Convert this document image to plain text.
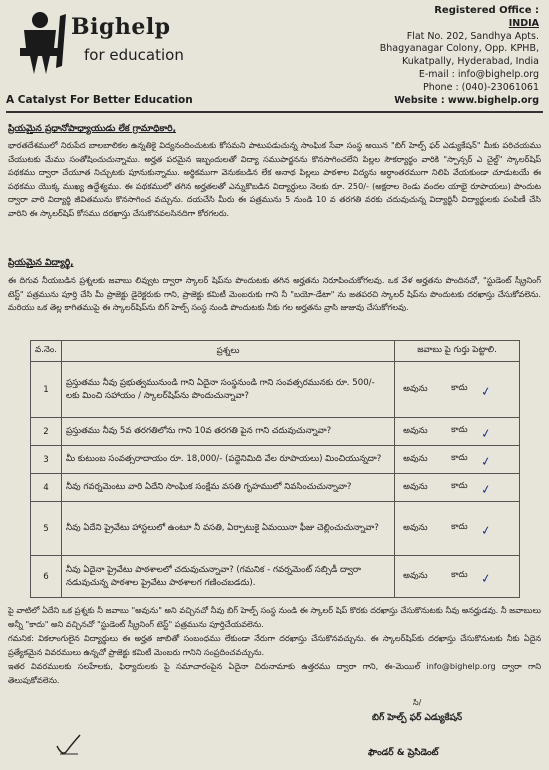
Bighelp
for education
A Catalyst For Better Education
Registered Office :
INDIA
Flat No. 202, Sandhya Apts.
Bhagyanagar Colony, Opp. KPHB,
Kukatpally, Hyderabad, India
E-mail : info@bighelp.org
Phone : (040)-23061061
Website : www.bighelp.org
ప్రియమైన ప్రధానోపాధ్యాయుడు లేక గ్రామాధికారి,
భారతదేశములో నిరుపేద బాలబాలికల ఉన్నతికై విద్యనందించుటకు కోసమని పాటుపడుచున్న సాంఘిక సేవా సంస్థ అయిన "బిగ్ హెల్ప్ ఫర్ ఎడ్యుకేషన్" మీకు పరిచయము చేయుటకు మేము సంతోషించుచున్నాము. అర్హత పరమైన ఇబ్బందులతో విద్యా సముపార్జనను కొనసాగించలేని పిల్లల సౌకర్యార్థం వారికి "స్పాన్సర్ ఎ చైల్డ్" స్కాలర్‌షిప్ పథకము ద్వారా చేయూత నిచ్చుటకు పూనుకున్నాము. అర్థికముగా వెనుకబడిన లేక అనాథ పిల్లలు పాఠశాల విద్యను అర్ధాంతరముగా నిలిపి వేయకుండా చూడుటయే ఈ పథకము యొక్క ముఖ్య ఉద్దేశ్యము. ఈ పథకములో తగిన అర్హతలతో ఎన్నుకొబడిన విద్యార్ధులు నెలకు రూ. 250/- (అక్షరాల రెండు వందల యాభై రూపాయలు) పొందుట ద్వారా వారి విద్యార్థి జీవితమును కొనసాగించ వచ్చును. దయచేసి మీరు ఈ పత్రమును 5 నుండి 10 వ తరగతి వరకు చదువుచున్న విద్యార్థినీ విద్యార్థులకు పంపిణీ చేసి వారిని ఈ స్కాలర్‌షిప్ కోసము దరఖాస్తు చేసుకొనవలసినదిగా కోరగలరు.
ప్రియమైన విద్యార్థి,
ఈ దిగువ నీయబడిన ప్రశ్నలకు జవాబు లివ్వుట ద్వారా స్కాలర్ షిప్‌ను పొందుటకు తగిన అర్హతను నిరూపించుకోగలవు. ఒక వేళ అర్హతను పొందినచో, "స్టుడెంట్ స్క్రీనింగ్ టెస్ట్" పత్రమును పూర్తి చేసి మీ ప్రాజెక్టు డైరెక్టరుకు గాని, ప్రాజెక్టు కమిటీ మెంబరుకు గాని నీ "బయో-డేటా" ను జతపరచి స్కాలర్ షిప్‌ను పొందుటకు దరఖాస్తు చేసుకోవలెను. మరియు ఒక తెల్ల కాగితముపై ఈ స్కాలర్‌షిప్‌ను బిగ్ హెల్ప్ సంస్థ నుండి పొందుటకు నీకు గల అర్హతను వ్రాసి జుజువు చేసుకోగలవు.
వ.నెం.	ప్రశ్నలు	జవాబు పై గుర్తు పెట్టాలి.
1	ప్రస్తుతము నీవు ప్రభుత్వమునుండి గాని ఏదైనా సంస్థనుండి గాని సంవత్సరమునకు రూ. 500/- లకు మించి సహాయం / స్కాలర్‌షిప్‌ను పొందుచున్నావా?	అవును కాదు ✓

2	ప్రస్తుతము నీవు 5వ తరగతిలోను గాని 10వ తరగతి పైన గాని చదువుచున్నావా?	అవును కాదు ✓

3	మీ కుటుంబ సంవత్సరాదాయం రూ. 18,000/- (పద్దెనిమిది వేల రూపాయలు) మించియున్నదా?	అవును కాదు ✓

4	నీవు గవర్నమెంటు వారి ఏదేని సాంఘిక సంక్షేమ వసతి గృహములో నివసించుచున్నావా?	అవును కాదు ✓

5	నీవు ఏదేని ప్రైవేటు హాస్టలులో ఉంటూ నీ వసతి, ఏర్పాటుకై ఏమయినా ఫీజు చెల్లించుచున్నావా?	అవును కాదు ✓

6	నీవు ఏదైనా ప్రైవేటు పాఠశాలలో చదువుచున్నావా? (గమనిక - గవర్నమెంట్ సబ్సిడీ ద్వారా నడువుచున్న పాఠశాల ప్రైవేటు పాఠశాలగ గణించబడదు).	అవును కాదు ✓
పై వాటిలో ఏదేని ఒక ప్రశ్నకు నీ జవాబు "అవును" అని వచ్చినచో నీవు బిగ్ హెల్ప్ సంస్థ నుండి ఈ స్కాలర్ షిప్ కొరకు దరఖాస్తు చేసుకొనుటకు నీవు అనర్హుడవు. నీ జవాబులు అన్నీ "కాదు" అని వచ్చినచో "స్టుడెంట్ స్క్రీనింగ్ టెస్ట్" పత్రమును పూర్తిచేయవలెను.
గమనిక: వికలాంగులైన విద్యార్థులు ఈ అర్హత జాబితో సంబంధము లేకుండా నేరుగా దరఖాస్తు చేసుకొనవచ్చును. ఈ స్కాలర్‌షిప్‌కు దరఖాస్తు చేసుకొనుటకు నీకు ఏదైన ప్రత్యేకమైన వివరములు ఉన్నచో ప్రాజెక్టు కమిటీ మెంబరు గానిని సంప్రదించవచ్చును.
ఇతర వివరములకు సలహేలకు, ఫిర్యాదులకు పై సమాచారంపైన ఏదైనా చిరునామాకు ఉత్తరము ద్వారా గాని, ఈ-మెయిల్ info@bighelp.org ద్వారా గాని తెలుపుకోవలెను.
సి/
బిగ్ హెల్ప్ ఫర్ ఎడ్యుకేషన్
ఫౌండర్ & ప్రెసిడెంట్
